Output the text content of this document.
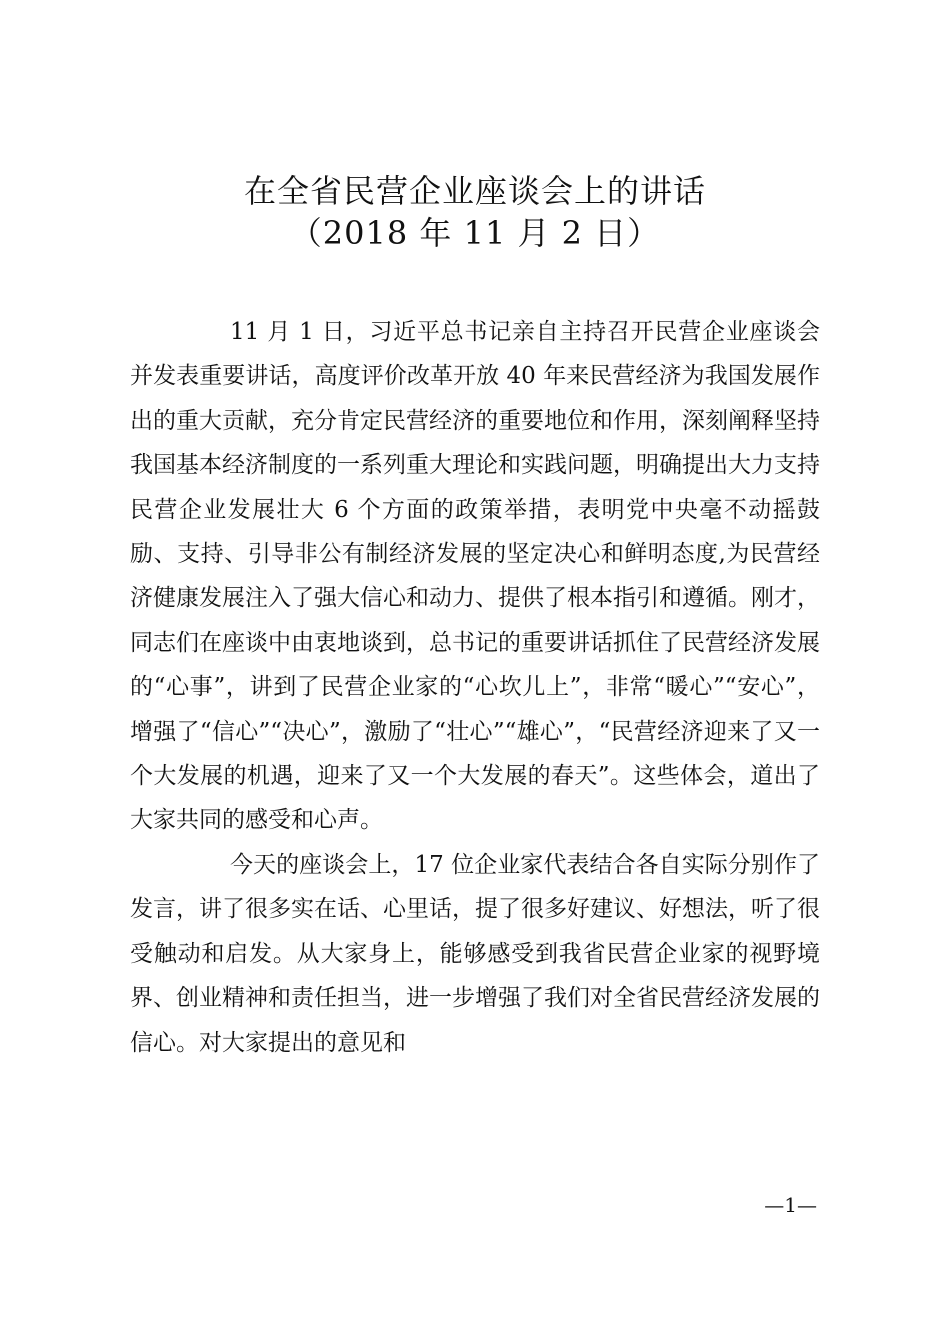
在全省民营企业座谈会上的讲话
（2018 年 11 月 2 日）

11 月 1 日，习近平总书记亲自主持召开民营企业座谈会并发表重要讲话，高度评价改革开放 40 年来民营经济为我国发展作出的重大贡献，充分肯定民营经济的重要地位和作用，深刻阐释坚持我国基本经济制度的一系列重大理论和实践问题，明确提出大力支持民营企业发展壮大 6 个方面的政策举措，表明党中央毫不动摇鼓励、支持、引导非公有制经济发展的坚定决心和鲜明态度,为民营经济健康发展注入了强大信心和动力、提供了根本指引和遵循。刚才，同志们在座谈中由衷地谈到，总书记的重要讲话抓住了民营经济发展的“心事”，讲到了民营企业家的“心坎儿上”，非常“暖心”“安心”，增强了“信心”“决心”，激励了“壮心”“雄心”，“民营经济迎来了又一个大发展的机遇，迎来了又一个大发展的春天”。这些体会，道出了大家共同的感受和心声。

今天的座谈会上，17 位企业家代表结合各自实际分别作了发言，讲了很多实在话、心里话，提了很多好建议、好想法，听了很受触动和启发。从大家身上，能够感受到我省民营企业家的视野境界、创业精神和责任担当，进一步增强了我们对全省民营经济发展的信心。对大家提出的意见和

—1—
